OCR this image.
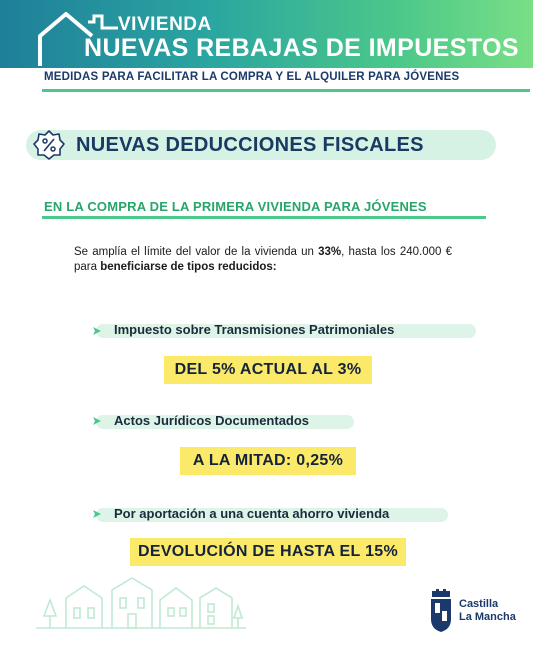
VIVIENDA
NUEVAS REBAJAS DE IMPUESTOS
MEDIDAS PARA FACILITAR LA COMPRA Y EL ALQUILER PARA JÓVENES
NUEVAS DEDUCCIONES FISCALES
EN LA COMPRA DE LA PRIMERA VIVIENDA PARA JÓVENES

Se amplía el límite del valor de la vivienda un 33%, hasta los 240.000 € para beneficiarse de tipos reducidos:

Impuesto sobre Transmisiones Patrimoniales
DEL 5% ACTUAL AL 3%
Actos Jurídicos Documentados
A LA MITAD: 0,25%
Por aportación a una cuenta ahorro vivienda
DEVOLUCIÓN DE HASTA EL 15%
Castilla
La Mancha
